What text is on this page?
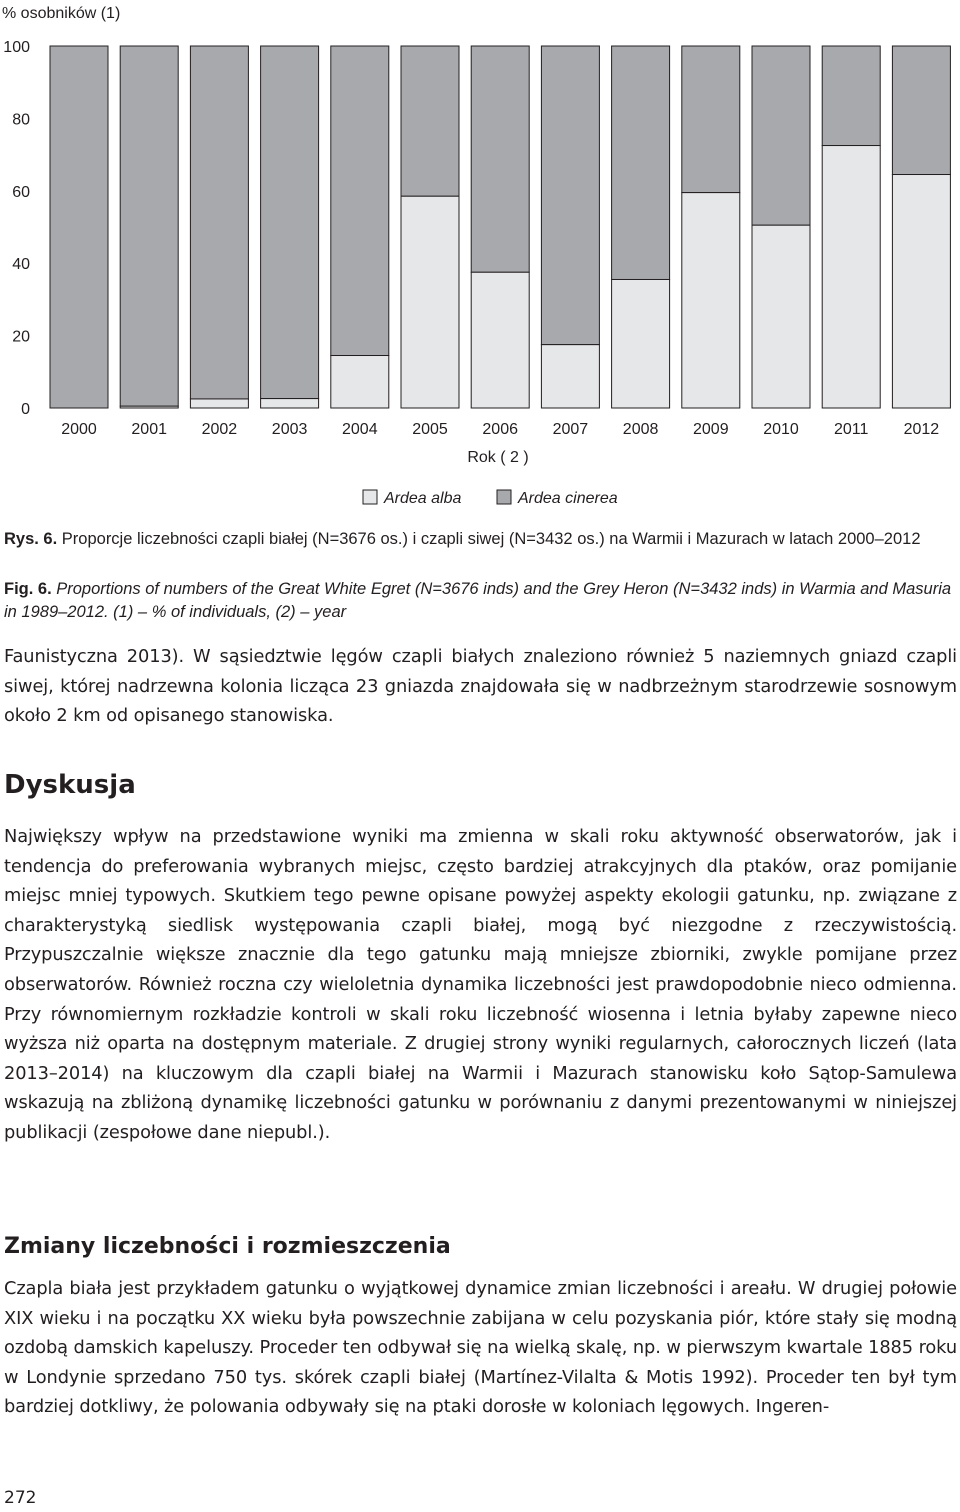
% osobników (1)
0
20
40
60
80
100
2000 2001 2002 2003 2004 2005 2006 2007 2008 2009 2010 2011 2012
Rok ( 2 )
Ardea alba	Ardea cinerea

Rys. 6. Proporcje liczebności czapli białej (N=3676 os.) i czapli siwej (N=3432 os.) na Warmii i Mazurach w latach 2000–2012

Fig. 6. Proportions of numbers of the Great White Egret (N=3676 inds) and the Grey Heron (N=3432 inds) in Warmia and Masuria in 1989–2012. (1) – % of individuals, (2) – year

Faunistyczna 2013). W sąsiedztwie lęgów czapli białych znaleziono również 5 naziemnych gniazd czapli siwej, której nadrzewna kolonia licząca 23 gniazda znajdowała się w nadbrzeżnym starodrzewie sosnowym około 2 km od opisanego stanowiska.

Dyskusja

Największy wpływ na przedstawione wyniki ma zmienna w skali roku aktywność obserwatorów, jak i tendencja do preferowania wybranych miejsc, często bardziej atrakcyjnych dla ptaków, oraz pomijanie miejsc mniej typowych. Skutkiem tego pewne opisane powyżej aspekty ekologii gatunku, np. związane z charakterystyką siedlisk występowania czapli białej, mogą być niezgodne z rzeczywistością. Przypuszczalnie większe znacznie dla tego gatunku mają mniejsze zbiorniki, zwykle pomijane przez obserwatorów. Również roczna czy wieloletnia dynamika liczebności jest prawdopodobnie nieco odmienna. Przy równomiernym rozkładzie kontroli w skali roku liczebność wiosenna i letnia byłaby zapewne nieco wyższa niż oparta na dostępnym materiale. Z drugiej strony wyniki regularnych, całorocznych liczeń (lata 2013–2014) na kluczowym dla czapli białej na Warmii i Mazurach stanowisku koło Sątop-Samulewa wskazują na zbliżoną dynamikę liczebności gatunku w porównaniu z danymi prezentowanymi w niniejszej publikacji (zespołowe dane niepubl.).

Zmiany liczebności i rozmieszczenia

Czapla biała jest przykładem gatunku o wyjątkowej dynamice zmian liczebności i areału. W drugiej połowie XIX wieku i na początku XX wieku była powszechnie zabijana w celu pozyskania piór, które stały się modną ozdobą damskich kapeluszy. Proceder ten odbywał się na wielką skalę, np. w pierwszym kwartale 1885 roku w Londynie sprzedano 750 tys. skórek czapli białej (Martínez-Vilalta & Motis 1992). Proceder ten był tym bardziej dotkliwy, że polowania odbywały się na ptaki dorosłe w koloniach lęgowych. Ingeren-

272
